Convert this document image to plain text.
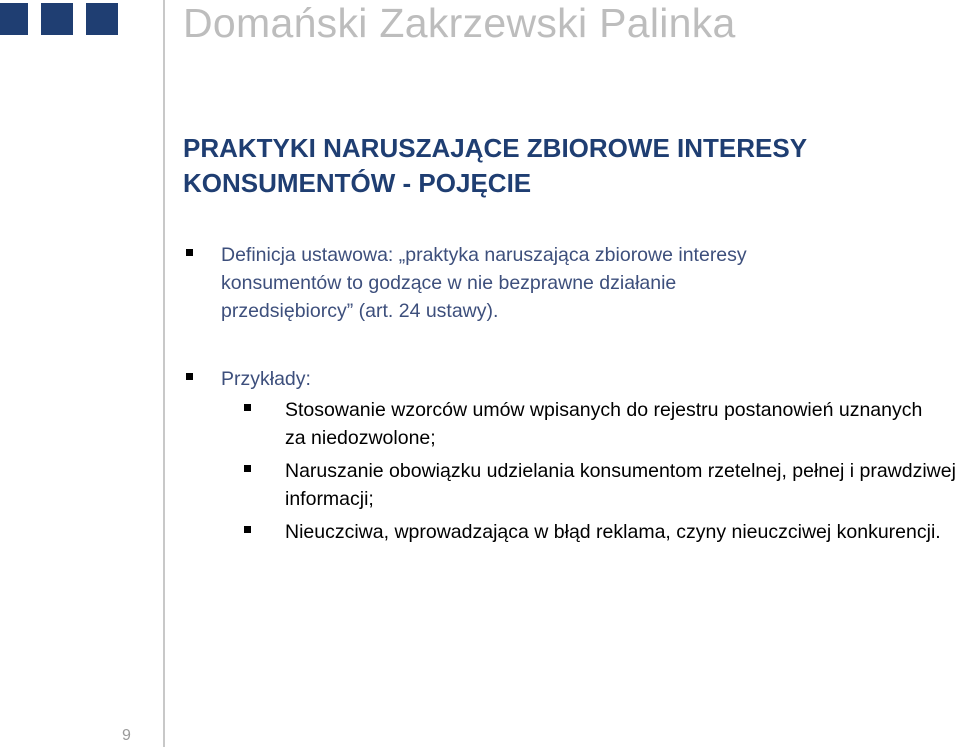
Domański Zakrzewski Palinka
PRAKTYKI NARUSZAJĄCE ZBIOROWE INTERESY
KONSUMENTÓW - POJĘCIE
Definicja ustawowa: „praktyka naruszająca zbiorowe interesy konsumentów to godzące w nie bezprawne działanie przedsiębiorcy” (art. 24 ustawy).
Przykłady:
Stosowanie wzorców umów wpisanych do rejestru postanowień uznanych za niedozwolone;
Naruszanie obowiązku udzielania konsumentom rzetelnej, pełnej i prawdziwej informacji;
Nieuczciwa, wprowadzająca w błąd reklama, czyny nieuczciwej konkurencji.
9
